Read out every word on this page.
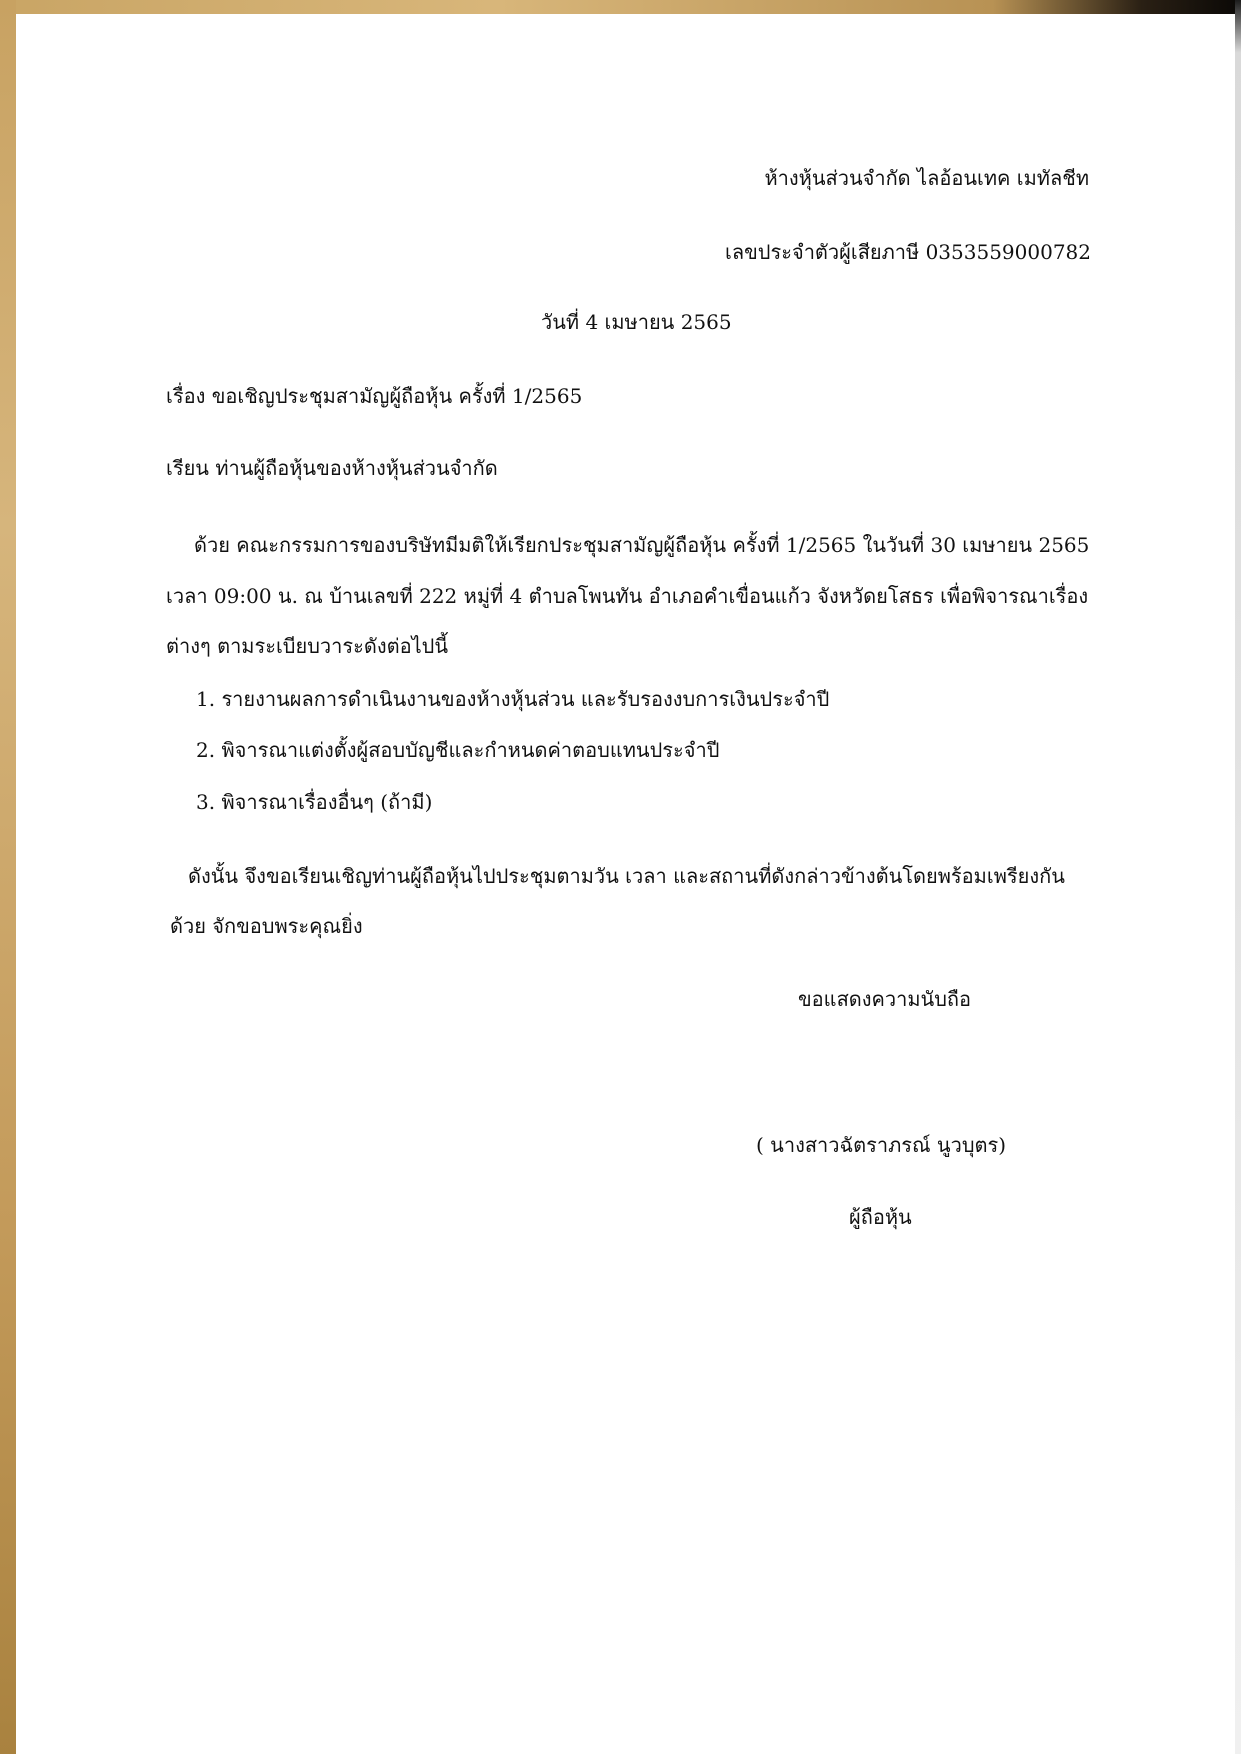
ห้างหุ้นส่วนจำกัด ไลอ้อนเทค เมทัลชีท
เลขประจำตัวผู้เสียภาษี 0353559000782
วันที่ 4 เมษายน 2565
เรื่อง ขอเชิญประชุมสามัญผู้ถือหุ้น ครั้งที่ 1/2565
เรียน ท่านผู้ถือหุ้นของห้างหุ้นส่วนจำกัด
ด้วย คณะกรรมการของบริษัทมีมติให้เรียกประชุมสามัญผู้ถือหุ้น ครั้งที่ 1/2565 ในวันที่ 30 เมษายน 2565
เวลา 09:00 น. ณ บ้านเลขที่ 222 หมู่ที่ 4 ตำบลโพนทัน อำเภอคำเขื่อนแก้ว จังหวัดยโสธร เพื่อพิจารณาเรื่อง
ต่างๆ ตามระเบียบวาระดังต่อไปนี้
1. รายงานผลการดำเนินงานของห้างหุ้นส่วน และรับรองงบการเงินประจำปี
2. พิจารณาแต่งตั้งผู้สอบบัญชีและกำหนดค่าตอบแทนประจำปี
3. พิจารณาเรื่องอื่นๆ (ถ้ามี)
ดังนั้น จึงขอเรียนเชิญท่านผู้ถือหุ้นไปประชุมตามวัน เวลา และสถานที่ดังกล่าวข้างต้นโดยพร้อมเพรียงกัน
ด้วย จักขอบพระคุณยิ่ง
ขอแสดงความนับถือ
( นางสาวฉัตราภรณ์ นูวบุตร)
ผู้ถือหุ้น
